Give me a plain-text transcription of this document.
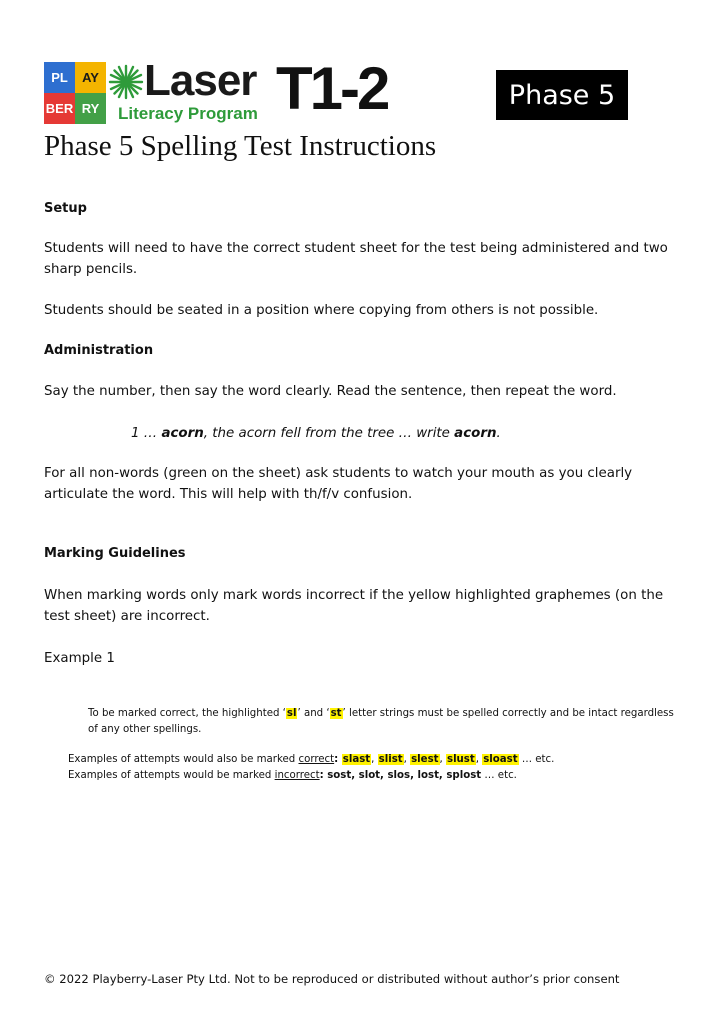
PL	AY
BER RY
Laser
Literacy Program T1-2	Phase 5
Phase 5 Spelling Test Instructions
Setup
Students will need to have the correct student sheet for the test being administered and two sharp pencils.
Students should be seated in a position where copying from others is not possible.
Administration
Say the number, then say the word clearly. Read the sentence, then repeat the word.
1 … acorn, the acorn fell from the tree … write acorn.
For all non-words (green on the sheet) ask students to watch your mouth as you clearly articulate the word. This will help with th/f/v confusion.
Marking Guidelines
When marking words only mark words incorrect if the yellow highlighted graphemes (on the test sheet) are incorrect.
Example 1
To be marked correct, the highlighted ‘sl’ and ‘st’ letter strings must be spelled correctly and be intact regardless of any other spellings.
Examples of attempts would also be marked correct: slast, slist, slest, slust, sloast … etc.
Examples of attempts would be marked incorrect: sost, slot, slos, lost, splost … etc.
© 2022 Playberry-Laser Pty Ltd. Not to be reproduced or distributed without author’s prior consent
